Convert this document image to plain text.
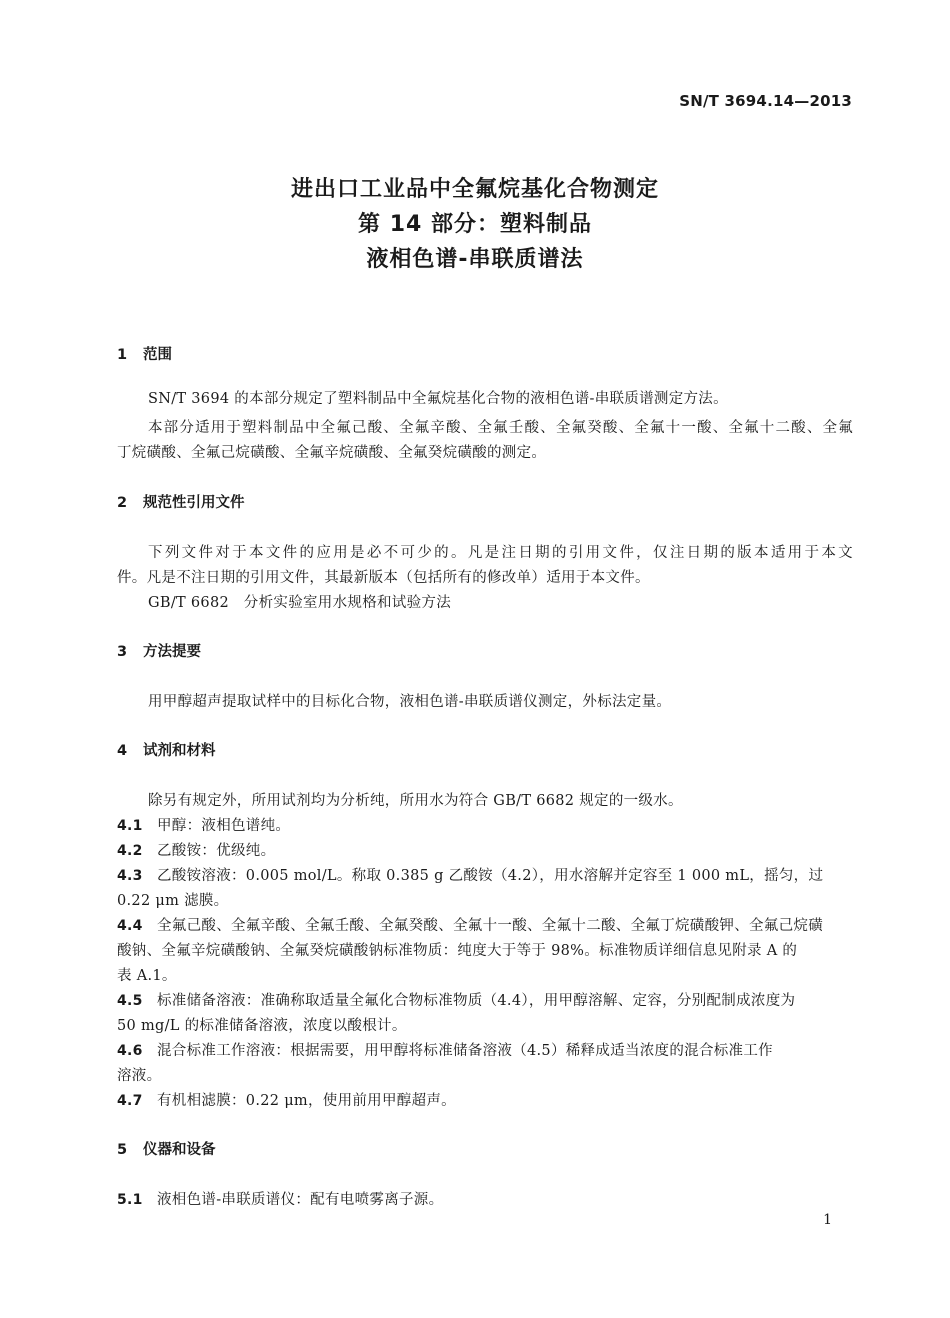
SN/T 3694.14—2013
进出口工业品中全氟烷基化合物测定
第 14 部分：塑料制品
液相色谱-串联质谱法
1 范围
SN/T 3694 的本部分规定了塑料制品中全氟烷基化合物的液相色谱-串联质谱测定方法。
本部分适用于塑料制品中全氟己酸、全氟辛酸、全氟壬酸、全氟癸酸、全氟十一酸、全氟十二酸、全氟
丁烷磺酸、全氟己烷磺酸、全氟辛烷磺酸、全氟癸烷磺酸的测定。
2 规范性引用文件
下列文件对于本文件的应用是必不可少的。凡是注日期的引用文件，仅注日期的版本适用于本文
件。凡是不注日期的引用文件，其最新版本（包括所有的修改单）适用于本文件。
GB/T 6682　分析实验室用水规格和试验方法
3 方法提要
用甲醇超声提取试样中的目标化合物，液相色谱-串联质谱仪测定，外标法定量。
4 试剂和材料
除另有规定外，所用试剂均为分析纯，所用水为符合 GB/T 6682 规定的一级水。
4.1 甲醇：液相色谱纯。
4.2 乙酸铵：优级纯。
4.3 乙酸铵溶液：0.005 mol/L。称取 0.385 g 乙酸铵（4.2），用水溶解并定容至 1 000 mL，摇匀，过
0.22 μm 滤膜。
4.4 全氟己酸、全氟辛酸、全氟壬酸、全氟癸酸、全氟十一酸、全氟十二酸、全氟丁烷磺酸钾、全氟己烷磺
酸钠、全氟辛烷磺酸钠、全氟癸烷磺酸钠标准物质：纯度大于等于 98%。标准物质详细信息见附录 A 的
表 A.1。
4.5 标准储备溶液：准确称取适量全氟化合物标准物质（4.4），用甲醇溶解、定容，分别配制成浓度为
50 mg/L 的标准储备溶液，浓度以酸根计。
4.6 混合标准工作溶液：根据需要，用甲醇将标准储备溶液（4.5）稀释成适当浓度的混合标准工作
溶液。
4.7 有机相滤膜：0.22 μm，使用前用甲醇超声。
5 仪器和设备
5.1 液相色谱-串联质谱仪：配有电喷雾离子源。
1
